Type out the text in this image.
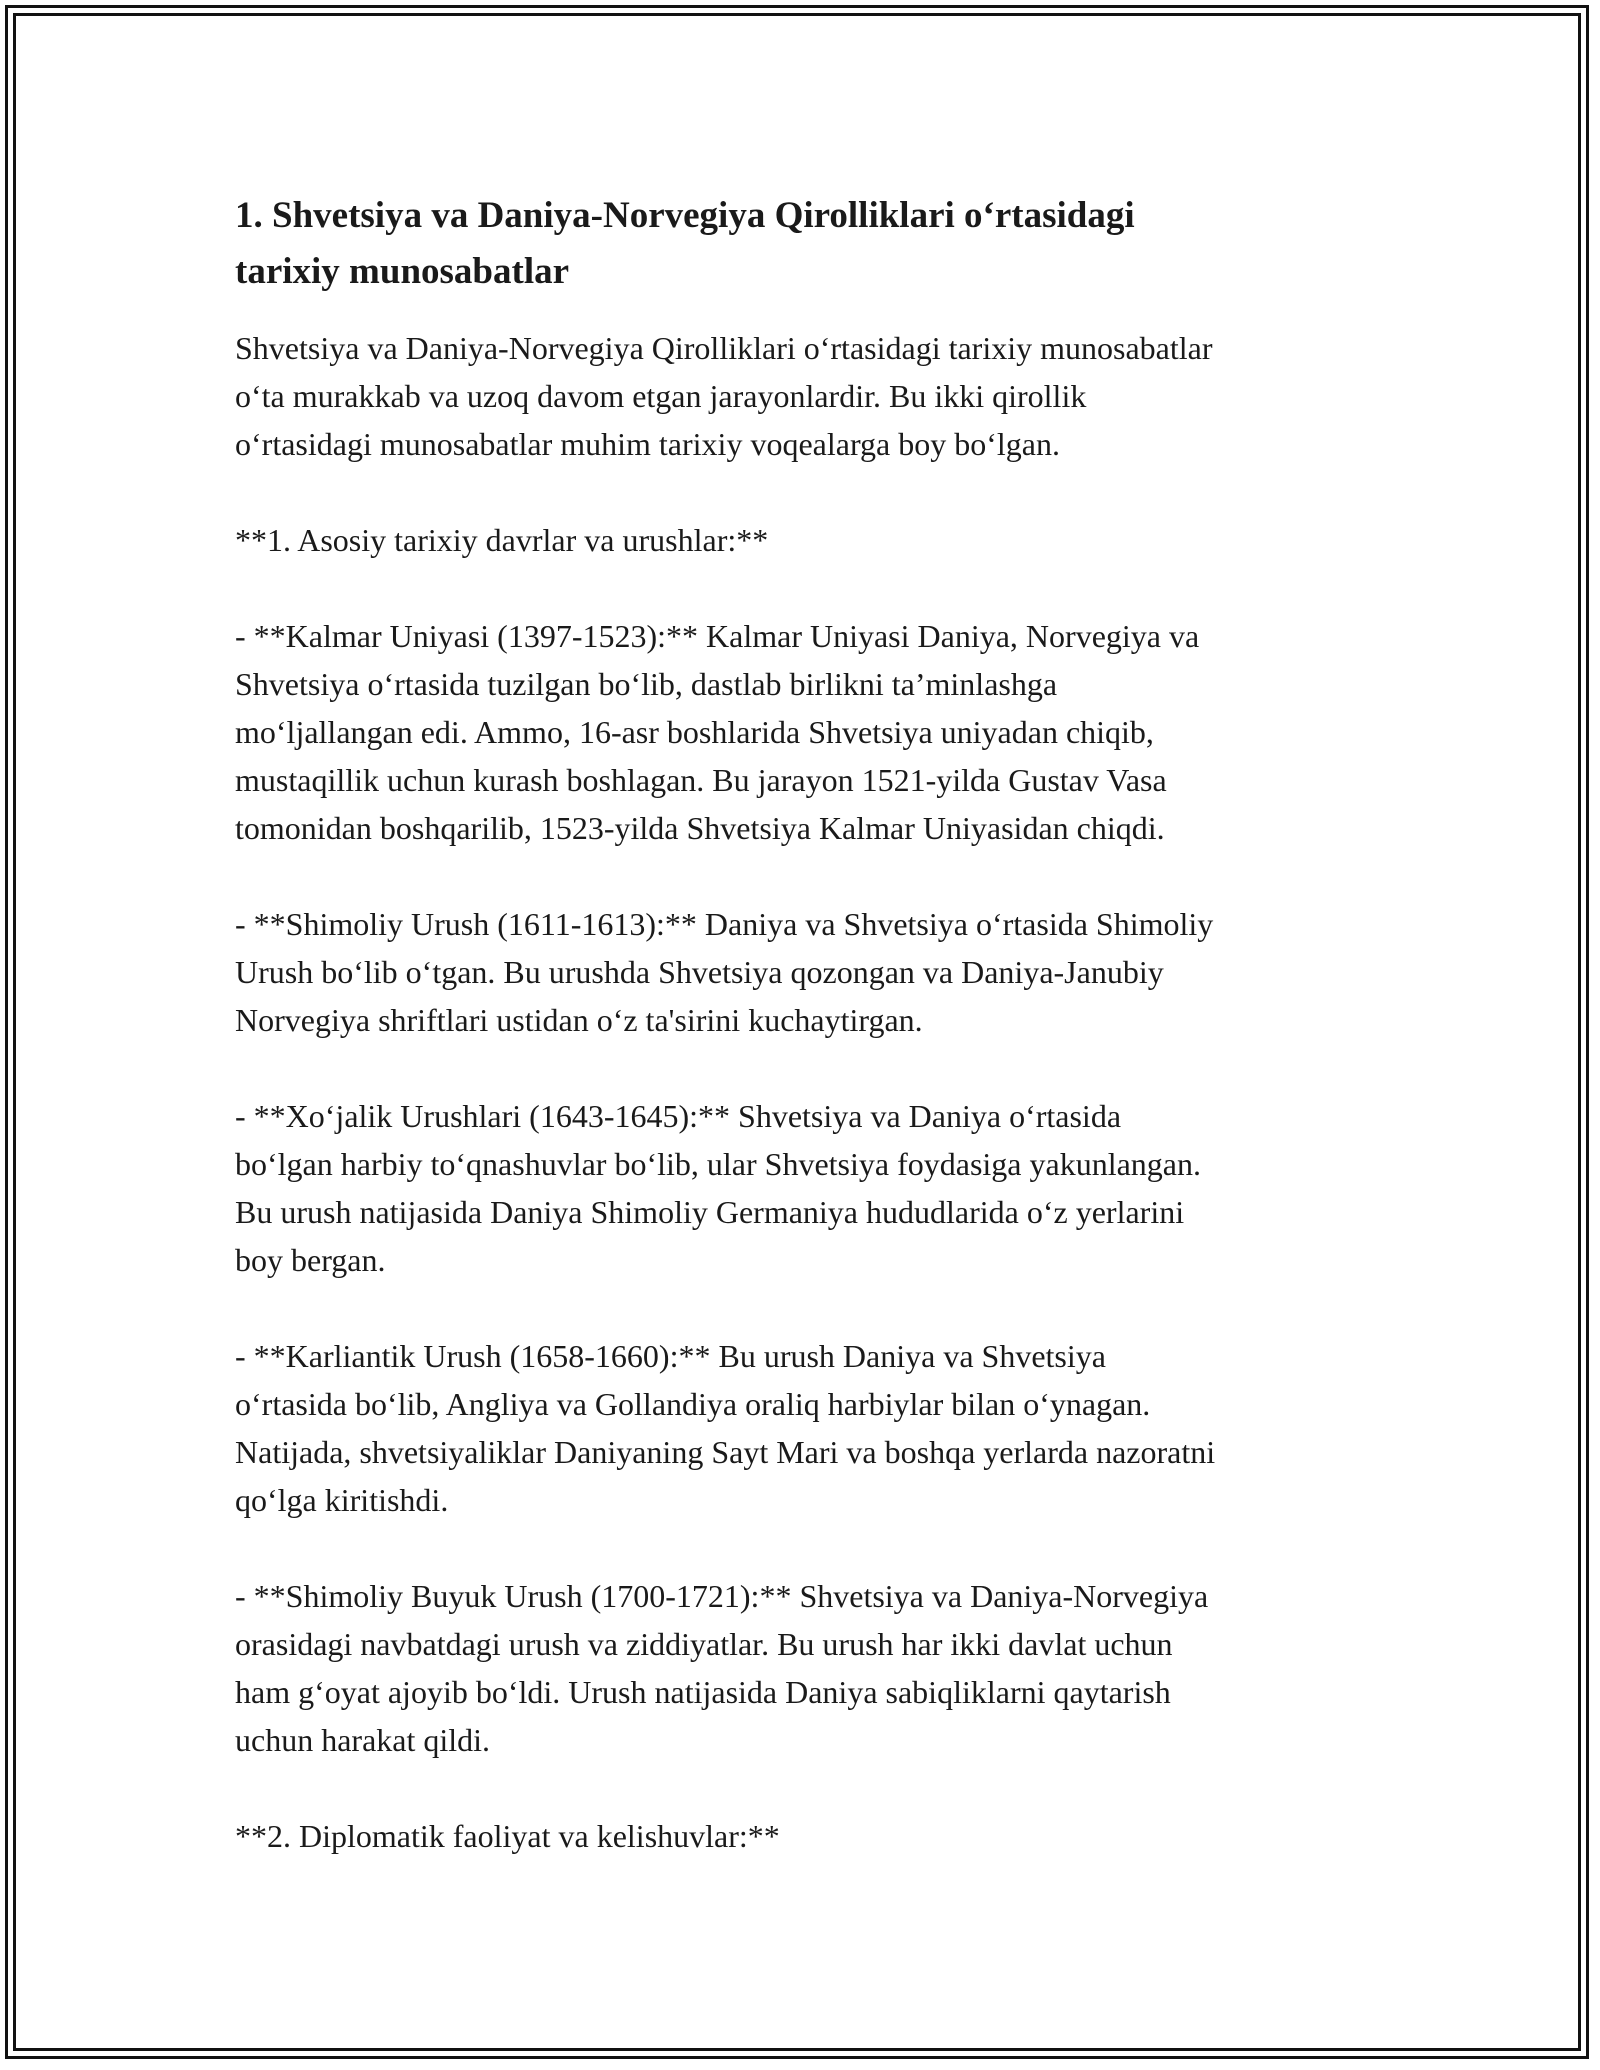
1. Shvetsiya va Daniya-Norvegiya Qirolliklari o‘rtasidagi
tarixiy munosabatlar

Shvetsiya va Daniya-Norvegiya Qirolliklari o‘rtasidagi tarixiy munosabatlar
o‘ta murakkab va uzoq davom etgan jarayonlardir. Bu ikki qirollik
o‘rtasidagi munosabatlar muhim tarixiy voqealarga boy bo‘lgan.

**1. Asosiy tarixiy davrlar va urushlar:**

- **Kalmar Uniyasi (1397-1523):** Kalmar Uniyasi Daniya, Norvegiya va
Shvetsiya o‘rtasida tuzilgan bo‘lib, dastlab birlikni ta’minlashga
mo‘ljallangan edi. Ammo, 16-asr boshlarida Shvetsiya uniyadan chiqib,
mustaqillik uchun kurash boshlagan. Bu jarayon 1521-yilda Gustav Vasa
tomonidan boshqarilib, 1523-yilda Shvetsiya Kalmar Uniyasidan chiqdi.

- **Shimoliy Urush (1611-1613):** Daniya va Shvetsiya o‘rtasida Shimoliy
Urush bo‘lib o‘tgan. Bu urushda Shvetsiya qozongan va Daniya-Janubiy
Norvegiya shriftlari ustidan o‘z ta'sirini kuchaytirgan.

- **Xo‘jalik Urushlari (1643-1645):** Shvetsiya va Daniya o‘rtasida
bo‘lgan harbiy to‘qnashuvlar bo‘lib, ular Shvetsiya foydasiga yakunlangan.
Bu urush natijasida Daniya Shimoliy Germaniya hududlarida o‘z yerlarini
boy bergan.

- **Karliantik Urush (1658-1660):** Bu urush Daniya va Shvetsiya
o‘rtasida bo‘lib, Angliya va Gollandiya oraliq harbiylar bilan o‘ynagan.
Natijada, shvetsiyaliklar Daniyaning Sayt Mari va boshqa yerlarda nazoratni
qo‘lga kiritishdi.

- **Shimoliy Buyuk Urush (1700-1721):** Shvetsiya va Daniya-Norvegiya
orasidagi navbatdagi urush va ziddiyatlar. Bu urush har ikki davlat uchun
ham g‘oyat ajoyib bo‘ldi. Urush natijasida Daniya sabiqliklarni qaytarish
uchun harakat qildi.

**2. Diplomatik faoliyat va kelishuvlar:**
